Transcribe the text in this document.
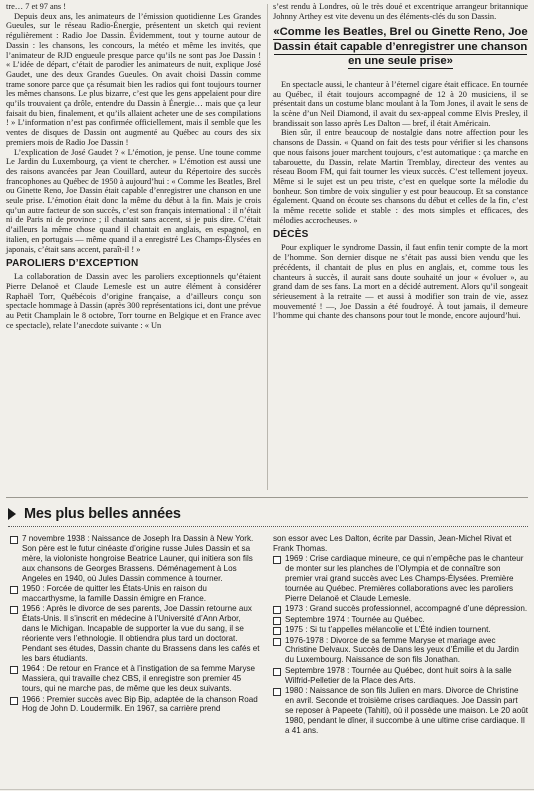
tre… 7 et 97 ans !

Depuis deux ans, les animateurs de l’émission quotidienne Les Grandes Gueules, sur le réseau Radio-Énergie, présentent un sketch qui revient régulièrement : Radio Joe Dassin. Évidemment, tout y tourne autour de Dassin : les chansons, les concours, la météo et même les invités, que l’animateur de RJD engueule presque parce qu’ils ne sont pas Joe Dassin ! « L’idée de départ, c’était de parodier les animateurs de nuit, explique José Gaudet, une des deux Grandes Gueules. On avait choisi Dassin comme trame sonore parce que ça résumait bien les radios qui font toujours tourner les mêmes chansons. Le plus bizarre, c’est que les gens appelaient pour dire qu’ils trouvaient ça drôle, entendre du Dassin à Énergie… mais que ça leur faisait du bien, finalement, et qu’ils allaient acheter une de ses compilations ! » L’information n’est pas confirmée officiellement, mais il semble que les ventes de disques de Dassin ont augmenté au Québec au cours des six premiers mois de Radio Joe Dassin !

L’explication de José Gaudet ? « L’émotion, je pense. Une toune comme Le Jardin du Luxembourg, ça vient te chercher. » L’émotion est aussi une des raisons avancées par Jean Couillard, auteur du Répertoire des succès francophones au Québec de 1950 à aujourd’hui : « Comme les Beatles, Brel ou Ginette Reno, Joe Dassin était capable d’enregistrer une chanson en une seule prise. L’émotion était donc la même du début à la fin. Mais je crois qu’un autre facteur de son succès, c’est son français international : il n’était ni de Paris ni de province ; il chantait sans accent, si je puis dire. C’était d’ailleurs la même chose quand il chantait en anglais, en espagnol, en italien, en portugais — même quand il a enregistré Les Champs-Élysées en japonais, c’était sans accent, paraît-il ! »

PAROLIERS D’EXCEPTION

La collaboration de Dassin avec les paroliers exceptionnels qu’étaient Pierre Delanoë et Claude Lemesle est un autre élément à considérer Raphaël Torr, Québécois d’origine française, a d’ailleurs conçu son spectacle hommage à Dassin (après 300 représentations ici, dont une prévue au Petit Champlain le 8 octobre, Torr tourne en Belgique et en France avec ce spectacle), relate l’anecdote suivante : « Un

s’est rendu à Londres, où le très doué et excentrique arrangeur britannique Johnny Arthey est vite devenu un des éléments-clés du son Dassin.

«Comme les Beatles, Brel ou Ginette Reno, Joe Dassin était capable d’enregistrer une chanson en une seule prise»

En spectacle aussi, le chanteur à l’éternel cigare était efficace. En tournée au Québec, il était toujours accompagné de 12 à 20 musiciens, il se présentait dans un costume blanc moulant à la Tom Jones, il avait le sens de la scène d’un Neil Diamond, il avait du sex-appeal comme Elvis Presley, il brandissait son lasso après Les Dalton — bref, il était Américain.

Bien sûr, il entre beaucoup de nostalgie dans notre affection pour les chansons de Dassin. « Quand on fait des tests pour vérifier si les chansons que nous faisons jouer marchent toujours, c’est automatique : ça marche en tabarouette, du Dassin, relate Martin Tremblay, directeur des ventes au réseau Boom FM, qui fait tourner les vieux succès. C’est tellement joyeux. Même si le sujet est un peu triste, c’est en quelque sorte la mélodie du bonheur. Son timbre de voix singulier y est pour beaucoup. Et sa constance également. Quand on écoute ses chansons du début et celles de la fin, c’est la même recette solide et stable : des mots simples et efficaces, des mélodies accrocheuses. »

DÉCÈS

Pour expliquer le syndrome Dassin, il faut enfin tenir compte de la mort de l’homme. Son dernier disque ne s’était pas aussi bien vendu que les précédents, il chantait de plus en plus en anglais, et, comme tous les chanteurs à succès, il aurait sans doute souhaité un jour « évoluer », au grand dam de ses fans. La mort en a décidé autrement. Alors qu’il songeait sérieusement à la retraite — et aussi à modifier son train de vie, assez mouvementé ! —, Joe Dassin a été foudroyé. À tout jamais, il demeure l’homme qui chante des chansons pour tout le monde, encore aujourd’hui.

Mes plus belles années
7 novembre 1938 : Naissance de Joseph Ira Dassin à New York. Son père est le futur cinéaste d’origine russe Jules Dassin et sa mère, la violoniste hongroise Beatrice Launer, qui initiera son fils aux chansons de Georges Brassens. Déménagement à Los Angeles en 1940, où Jules Dassin commence à tourner.
1950 : Forcée de quitter les États-Unis en raison du maccarthysme, la famille Dassin émigre en France.
1956 : Après le divorce de ses parents, Joe Dassin retourne aux États-Unis. Il s’inscrit en médecine à l’Université d’Ann Arbor, dans le Michigan. Incapable de supporter la vue du sang, il se réoriente vers l’ethnologie. Il obtiendra plus tard un doctorat. Pendant ses études, Dassin chante du Brassens dans les cafés et les bars étudiants.
1964 : De retour en France et à l’instigation de sa femme Maryse Massiera, qui travaille chez CBS, il enregistre son premier 45 tours, qui ne marche pas, de même que les deux suivants.
1966 : Premier succès avec Bip Bip, adaptée de la chanson Road Hog de John D. Loudermilk. En 1967, sa carrière prend
son essor avec Les Dalton, écrite par Dassin, Jean-Michel Rivat et Frank Thomas.
1969 : Crise cardiaque mineure, ce qui n’empêche pas le chanteur de monter sur les planches de l’Olympia et de connaître son premier vrai grand succès avec Les Champs-Élysées. Première tournée au Québec. Premières collaborations avec les paroliers Pierre Delanoë et Claude Lemesle.
1973 : Grand succès professionnel, accompagné d’une dépression.
Septembre 1974 : Tournée au Québec.
1975 : Si tu t’appelles mélancolie et L’Été indien tournent.
1976-1978 : Divorce de sa femme Maryse et mariage avec Christine Delvaux. Succès de Dans les yeux d’Émilie et du Jardin du Luxembourg. Naissance de son fils Jonathan.
Septembre 1978 : Tournée au Québec, dont huit soirs à la salle Wilfrid-Pelletier de la Place des Arts.
1980 : Naissance de son fils Julien en mars. Divorce de Christine en avril. Seconde et troisième crises cardiaques. Joe Dassin part se reposer à Papeete (Tahiti), où il possède une maison. Le 20 août 1980, pendant le dîner, il succombe à une ultime crise cardiaque. Il a 41 ans.
